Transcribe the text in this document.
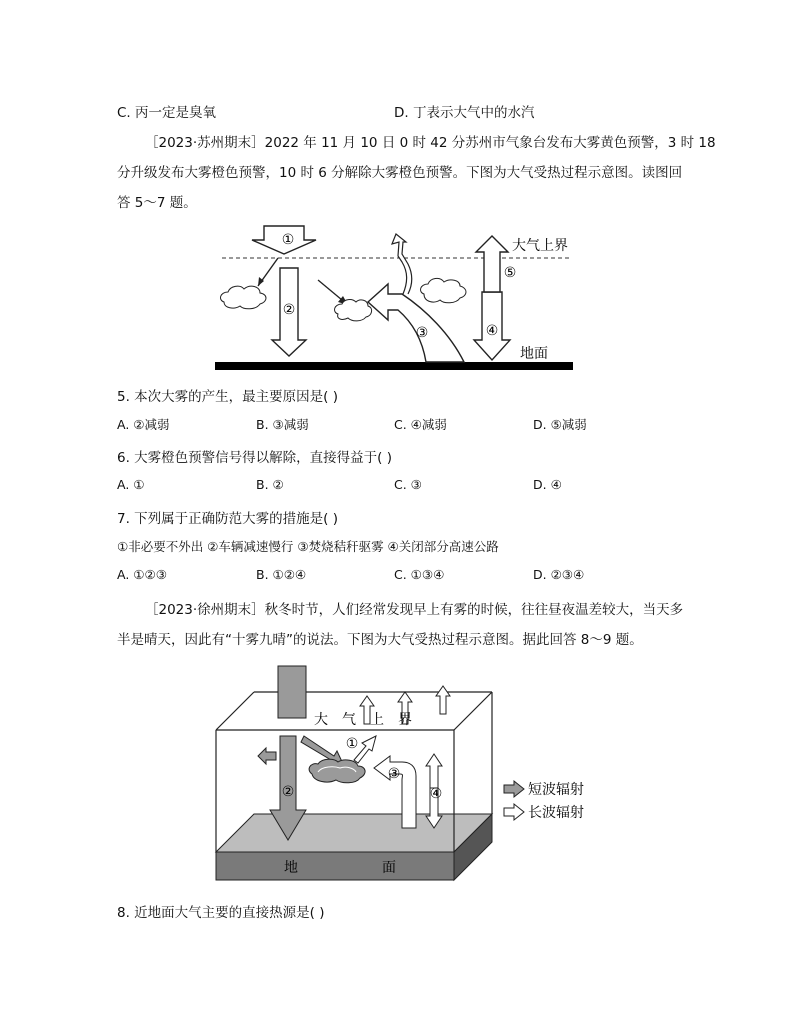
C. 丙一定是臭氧	D. 丁表示大气中的水汽
［2023·苏州期末］2022 年 11 月 10 日 0 时 42 分苏州市气象台发布大雾黄色预警，3 时 18
分升级发布大雾橙色预警，10 时 6 分解除大雾橙色预警。下图为大气受热过程示意图。读图回
答 5～7 题。
①
②
③	④
⑤
大气上界
地面
5. 本次大雾的产生，最主要原因是( )
A. ②减弱	B. ③减弱	C. ④减弱	D. ⑤减弱
6. 大雾橙色预警信号得以解除，直接得益于( )
A. ①	B. ②	C. ③	D. ④
7. 下列属于正确防范大雾的措施是( )
①非必要不外出 ②车辆减速慢行 ③焚烧秸秆驱雾 ④关闭部分高速公路
A. ①②③	B. ①②④	C. ①③④	D. ②③④
［2023·徐州期末］秋冬时节，人们经常发现早上有雾的时候，往往昼夜温差较大，当天多
半是晴天，因此有“十雾九晴”的说法。下图为大气受热过程示意图。据此回答 8～9 题。
大　气　上　界
②
①
③
④
地	面
短波辐射
长波辐射
8. 近地面大气主要的直接热源是( )
